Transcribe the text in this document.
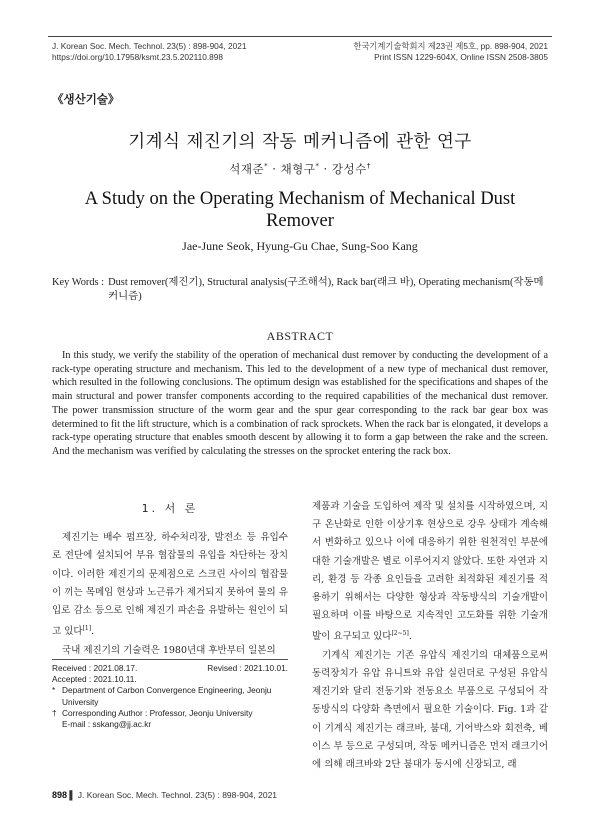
J. Korean Soc. Mech. Technol. 23(5) : 898-904, 2021
https://doi.org/10.17958/ksmt.23.5.202110.898
한국기계기술학회지 제23권 제5호, pp. 898-904, 2021
Print ISSN 1229-604X, Online ISSN 2508-3805
《생산기술》
기계식 제진기의 작동 메커니즘에 관한 연구
석재준* · 채형구* · 강성수†
A Study on the Operating Mechanism of Mechanical Dust Remover
Jae-June Seok, Hyung-Gu Chae, Sung-Soo Kang
Key Words : Dust remover(제진기), Structural analysis(구조해석), Rack bar(래크 바), Operating mechanism(작동메커니즘)
ABSTRACT
In this study, we verify the stability of the operation of mechanical dust remover by conducting the development of a rack-type operating structure and mechanism. This led to the development of a new type of mechanical dust remover, which resulted in the following conclusions. The optimum design was established for the specifications and shapes of the main structural and power transfer components according to the required capabilities of the mechanical dust remover. The power transmission structure of the worm gear and the spur gear corresponding to the rack bar gear box was determined to fit the lift structure, which is a combination of rack sprockets. When the rack bar is elongated, it develops a rack-type operating structure that enables smooth descent by allowing it to form a gap between the rake and the screen. And the mechanism was verified by calculating the stresses on the sprocket entering the rack box.
1. 서 론

제진기는 배수 펌프장, 하수처리장, 발전소 등 유입수로 전단에 설치되어 부유 협잡물의 유입을 차단하는 장치이다. 이러한 제진기의 문제점으로 스크린 사이의 협잡물이 끼는 목메임 현상과 노근류가 제거되지 못하여 물의 유입로 감소 등으로 인해 제진기 파손을 유발하는 원인이 되고 있다[1].

국내 제진기의 기술력은 1980년대 후반부터 일본의

Received : 2021.08.17.	Revised : 2021.10.01.
Accepted : 2021.10.11.
* Department of Carbon Convergence Engineering, Jeonju University
† Corresponding Author : Professor, Jeonju University
E-mail : sskang@jj.ac.kr

제품과 기술을 도입하여 제작 및 설치를 시작하였으며, 지구 온난화로 인한 이상기후 현상으로 강우 상태가 계속해서 변화하고 있으나 이에 대응하기 위한 원천적인 부분에 대한 기술개발은 별로 이루어지지 않았다. 또한 자연과 지리, 환경 등 각종 요인들을 고려한 최적화된 제진기를 적용하기 위해서는 다양한 형상과 작동방식의 기술개발이 필요하며 이를 바탕으로 지속적인 고도화를 위한 기술개발이 요구되고 있다[2~5].

기계식 제진기는 기존 유압식 제진기의 대체품으로써 동력장치가 유압 유니트와 유압 실린더로 구성된 유압식 제진기와 달리 전동기와 전동요소 부품으로 구성되어 작동방식의 다양화 측면에서 필요한 기술이다. Fig. 1과 같이 기계식 제진기는 래크바, 붐대, 기어박스와 회전축, 베이스 부 등으로 구성되며, 작동 메커니즘은 먼저 래크기어에 의해 래크바와 2단 붐대가 동시에 신장되고, 래

898 ▌ J. Korean Soc. Mech. Technol. 23(5) : 898-904, 2021
